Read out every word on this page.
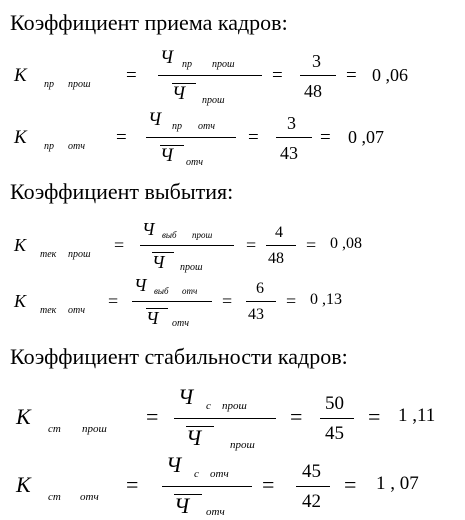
Коэффициент приема кадров:
К пр прош =
Ч пр прош
Ч прош
=
3
48
= 0 ,06
К пр отч =
Ч пр отч
Ч отч
=
3
43
= 0 ,07
Коэффициент выбытия:
К тек прош =
Ч выб прош
Ч прош
=
4
48
= 0 ,08
К тек отч =
Ч выб отч
Ч отч
=
6
43
= 0 ,13
Коэффициент стабильности кадров:
К ст прош =
Ч с прош
Ч	прош
=
50
45
= 1 ,11
К ст отч =
Ч с отч
Ч отч
=
45
42
= 1 , 07
